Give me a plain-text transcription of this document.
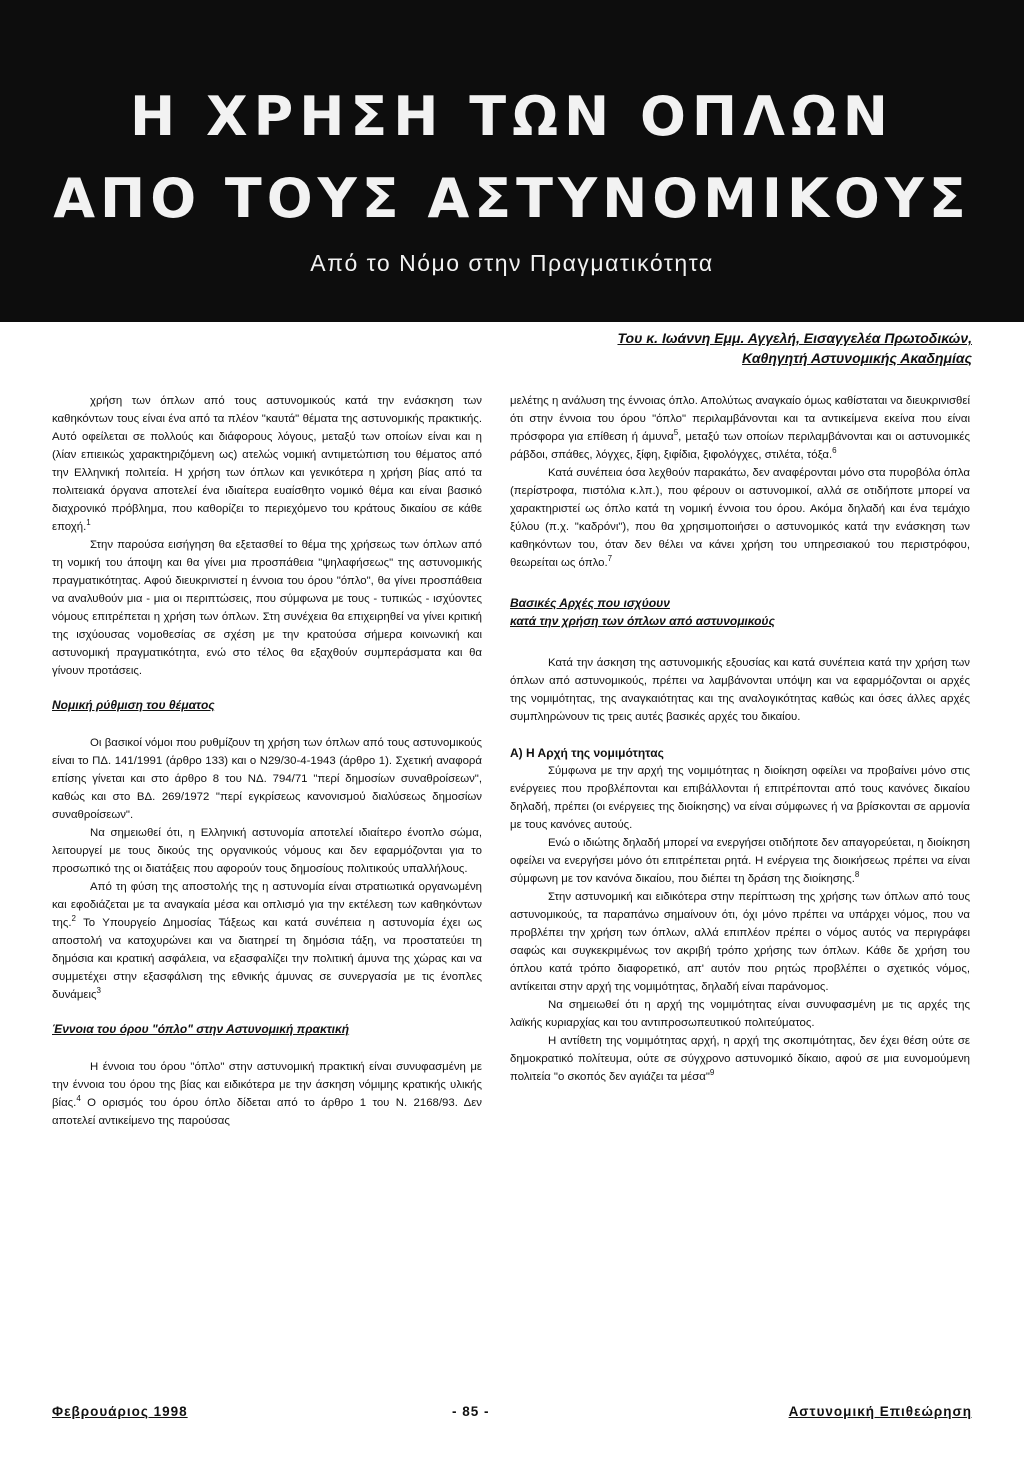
Η ΧΡΗΣΗ ΤΩΝ ΟΠΛΩΝ
ΑΠΟ ΤΟΥΣ ΑΣΤΥΝΟΜΙΚΟΥΣ
Από το Νόμο στην Πραγματικότητα
Του κ. Ιωάννη Εμμ. Αγγελή, Εισαγγελέα Πρωτοδικών,
Καθηγητή Αστυνομικής Ακαδημίας

χρήση των όπλων από τους αστυνομικούς κατά την ενάσκηση των καθηκόντων τους είναι ένα από τα πλέον "καυτά" θέματα της αστυνομικής πρακτικής. Αυτό οφείλεται σε πολλούς και διάφορους λόγους, μεταξύ των οποίων είναι και η (λίαν επιεικώς χαρακτηριζόμενη ως) ατελώς νομική αντιμετώπιση του θέματος από την Ελληνική πολιτεία. Η χρήση των όπλων και γενικότερα η χρήση βίας από τα πολιτειακά όργανα αποτελεί ένα ιδιαίτερα ευαίσθητο νομικό θέμα και είναι βασικό διαχρονικό πρόβλημα, που καθορίζει το περιεχόμενο του κράτους δικαίου σε κάθε εποχή.$^1$

Στην παρούσα εισήγηση θα εξετασθεί το θέμα της χρήσεως των όπλων από τη νομική του άποψη και θα γίνει μια προσπάθεια "ψηλαφήσεως" της αστυνομικής πραγματικότητας. Αφού διευκρινιστεί η έννοια του όρου "όπλο", θα γίνει προσπάθεια να αναλυθούν μια - μια οι περιπτώσεις, που σύμφωνα με τους - τυπικώς - ισχύοντες νόμους επιτρέπεται η χρήση των όπλων. Στη συνέχεια θα επιχειρηθεί να γίνει κριτική της ισχύουσας νομοθεσίας σε σχέση με την κρατούσα σήμερα κοινωνική και αστυνομική πραγματικότητα, ενώ στο τέλος θα εξαχθούν συμπεράσματα και θα γίνουν προτάσεις.

Νομική ρύθμιση του θέματος

Οι βασικοί νόμοι που ρυθμίζουν τη χρήση των όπλων από τους αστυνομικούς είναι το ΠΔ. 141/1991 (άρθρο 133) και ο Ν29/30-4-1943 (άρθρο 1). Σχετική αναφορά επίσης γίνεται και στο άρθρο 8 του ΝΔ. 794/71 "περί δημοσίων συναθροίσεων", καθώς και στο ΒΔ. 269/1972 "περί εγκρίσεως κανονισμού διαλύσεως δημοσίων συναθροίσεων".

Να σημειωθεί ότι, η Ελληνική αστυνομία αποτελεί ιδιαίτερο ένοπλο σώμα, λειτουργεί με τους δικούς της οργανικούς νόμους και δεν εφαρμόζονται για το προσωπικό της οι διατάξεις που αφορούν τους δημοσίους πολιτικούς υπαλλήλους.

Από τη φύση της αποστολής της η αστυνομία είναι στρατιωτικά οργανωμένη και εφοδιάζεται με τα αναγκαία μέσα και οπλισμό για την εκτέλεση των καθηκόντων της.$^2$ Το Υπουργείο Δημοσίας Τάξεως και κατά συνέπεια η αστυνομία έχει ως αποστολή να κατοχυρώνει και να διατηρεί τη δημόσια τάξη, να προστατεύει τη δημόσια και κρατική ασφάλεια, να εξασφαλίζει την πολιτική άμυνα της χώρας και να συμμετέχει στην εξασφάλιση της εθνικής άμυνας σε συνεργασία με τις ένοπλες δυνάμεις$^3$

Έννοια του όρου "όπλο" στην Αστυνομική πρακτική

Η έννοια του όρου "όπλο" στην αστυνομική πρακτική είναι συνυφασμένη με την έννοια του όρου της βίας και ειδικότερα με την άσκηση νόμιμης κρατικής υλικής βίας.$^4$ Ο ορισμός του όρου όπλο δίδεται από το άρθρο 1 του Ν. 2168/93. Δεν αποτελεί αντικείμενο της παρούσας

μελέτης η ανάλυση της έννοιας όπλο. Απολύτως αναγκαίο όμως καθίσταται να διευκρινισθεί ότι στην έννοια του όρου "όπλο" περιλαμβάνονται και τα αντικείμενα εκείνα που είναι πρόσφορα για επίθεση ή άμυνα$^5$, μεταξύ των οποίων περιλαμβάνονται και οι αστυνομικές ράβδοι, σπάθες, λόγχες, ξίφη, ξιφίδια, ξιφολόγχες, στιλέτα, τόξα.$^6$

Κατά συνέπεια όσα λεχθούν παρακάτω, δεν αναφέρονται μόνο στα πυροβόλα όπλα (περίστροφα, πιστόλια κ.λπ.), που φέρουν οι αστυνομικοί, αλλά σε οτιδήποτε μπορεί να χαρακτηριστεί ως όπλο κατά τη νομική έννοια του όρου. Ακόμα δηλαδή και ένα τεμάχιο ξύλου (π.χ. "καδρόνι"), που θα χρησιμοποιήσει ο αστυνομικός κατά την ενάσκηση των καθηκόντων του, όταν δεν θέλει να κάνει χρήση του υπηρεσιακού του περιστρόφου, θεωρείται ως όπλο.$^7$

Βασικές Αρχές που ισχύουν
κατά την χρήση των όπλων από αστυνομικούς

Κατά την άσκηση της αστυνομικής εξουσίας και κατά συνέπεια κατά την χρήση των όπλων από αστυνομικούς, πρέπει να λαμβάνονται υπόψη και να εφαρμόζονται οι αρχές της νομιμότητας, της αναγκαιότητας και της αναλογικότητας καθώς και όσες άλλες αρχές συμπληρώνουν τις τρεις αυτές βασικές αρχές του δικαίου.

Α) Η Αρχή της νομιμότητας

Σύμφωνα με την αρχή της νομιμότητας η διοίκηση οφείλει να προβαίνει μόνο στις ενέργειες που προβλέπονται και επιβάλλονται ή επιτρέπονται από τους κανόνες δικαίου δηλαδή, πρέπει (οι ενέργειες της διοίκησης) να είναι σύμφωνες ή να βρίσκονται σε αρμονία με τους κανόνες αυτούς.

Ενώ ο ιδιώτης δηλαδή μπορεί να ενεργήσει οτιδήποτε δεν απαγορεύεται, η διοίκηση οφείλει να ενεργήσει μόνο ότι επιτρέπεται ρητά. Η ενέργεια της διοικήσεως πρέπει να είναι σύμφωνη με τον κανόνα δικαίου, που διέπει τη δράση της διοίκησης.$^8$

Στην αστυνομική και ειδικότερα στην περίπτωση της χρήσης των όπλων από τους αστυνομικούς, τα παραπάνω σημαίνουν ότι, όχι μόνο πρέπει να υπάρχει νόμος, που να προβλέπει την χρήση των όπλων, αλλά επιπλέον πρέπει ο νόμος αυτός να περιγράφει σαφώς και συγκεκριμένως τον ακριβή τρόπο χρήσης των όπλων. Κάθε δε χρήση του όπλου κατά τρόπο διαφορετικό, απ' αυτόν που ρητώς προβλέπει ο σχετικός νόμος, αντίκειται στην αρχή της νομιμότητας, δηλαδή είναι παράνομος.

Να σημειωθεί ότι η αρχή της νομιμότητας είναι συνυφασμένη με τις αρχές της λαϊκής κυριαρχίας και του αντιπροσωπευτικού πολιτεύματος.

Η αντίθετη της νομιμότητας αρχή, η αρχή της σκοπιμότητας, δεν έχει θέση ούτε σε δημοκρατικό πολίτευμα, ούτε σε σύγχρονο αστυνομικό δίκαιο, αφού σε μια ευνομούμενη πολιτεία "ο σκοπός δεν αγιάζει τα μέσα"$^9$

Φεβρουάριος 1998	- 85 -	Αστυνομική Επιθεώρηση
